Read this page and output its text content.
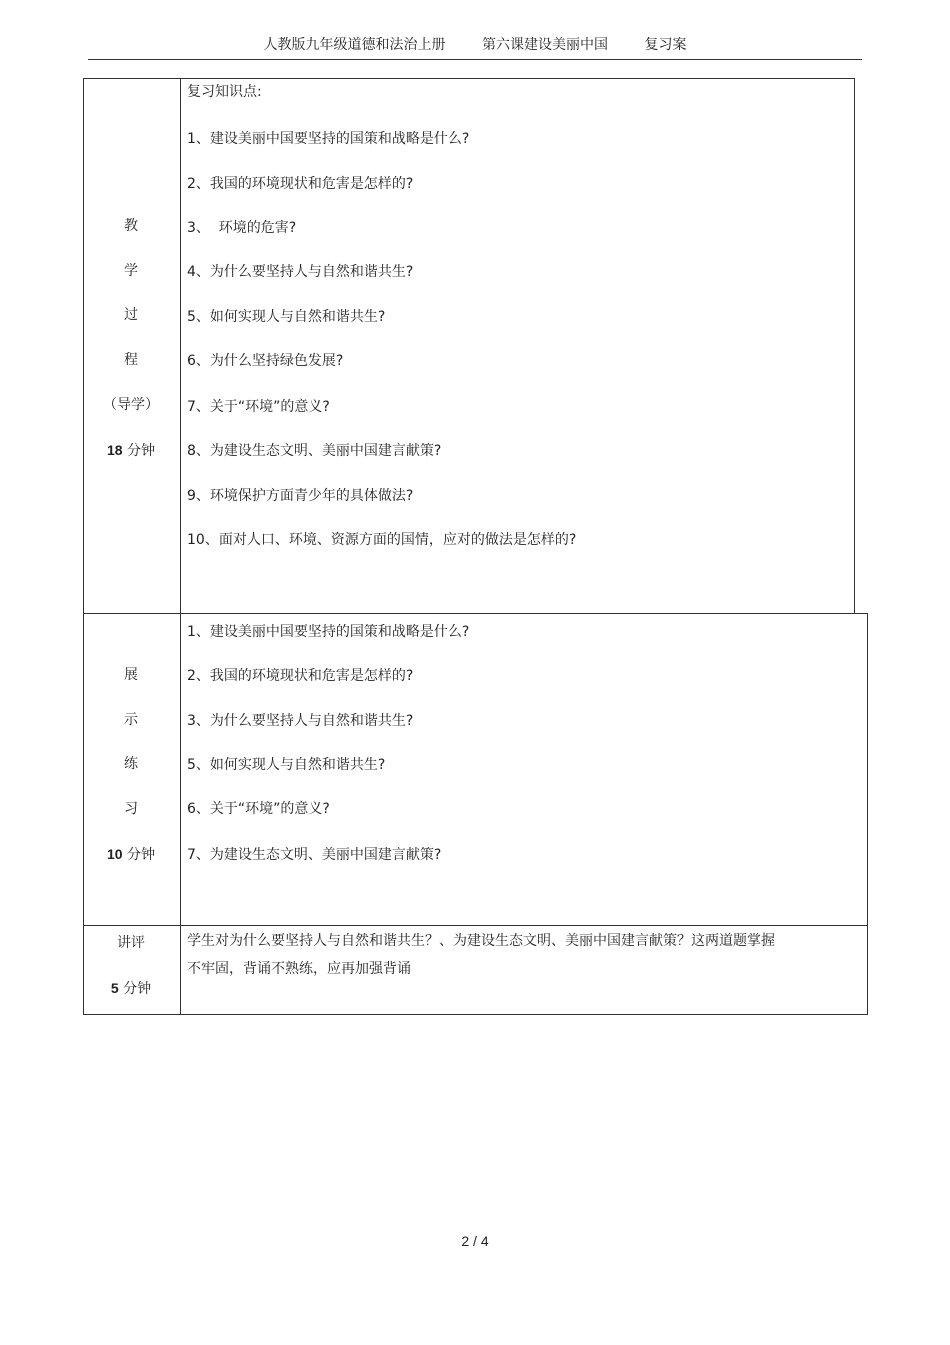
人教版九年级道德和法治上册	第六课建设美丽中国	复习案
教
学
过
程
（导学）
18 分钟
复习知识点:
1、建设美丽中国要坚持的国策和战略是什么?
2、我国的环境现状和危害是怎样的?
3、  环境的危害?
4、为什么要坚持人与自然和谐共生?
5、如何实现人与自然和谐共生?
6、为什么坚持绿色发展?
7、关于“环境”的意义?
8、为建设生态文明、美丽中国建言献策?
9、环境保护方面青少年的具体做法?
10、面对人口、环境、资源方面的国情，应对的做法是怎样的?
展
示
练
习
10 分钟
1、建设美丽中国要坚持的国策和战略是什么?
2、我国的环境现状和危害是怎样的?
3、为什么要坚持人与自然和谐共生?
5、如何实现人与自然和谐共生?
6、关于“环境”的意义?
7、为建设生态文明、美丽中国建言献策?
讲评
5 分钟
学生对为什么要坚持人与自然和谐共生？、为建设生态文明、美丽中国建言献策？这两道题掌握不牢固，背诵不熟练，应再加强背诵
2 / 4
